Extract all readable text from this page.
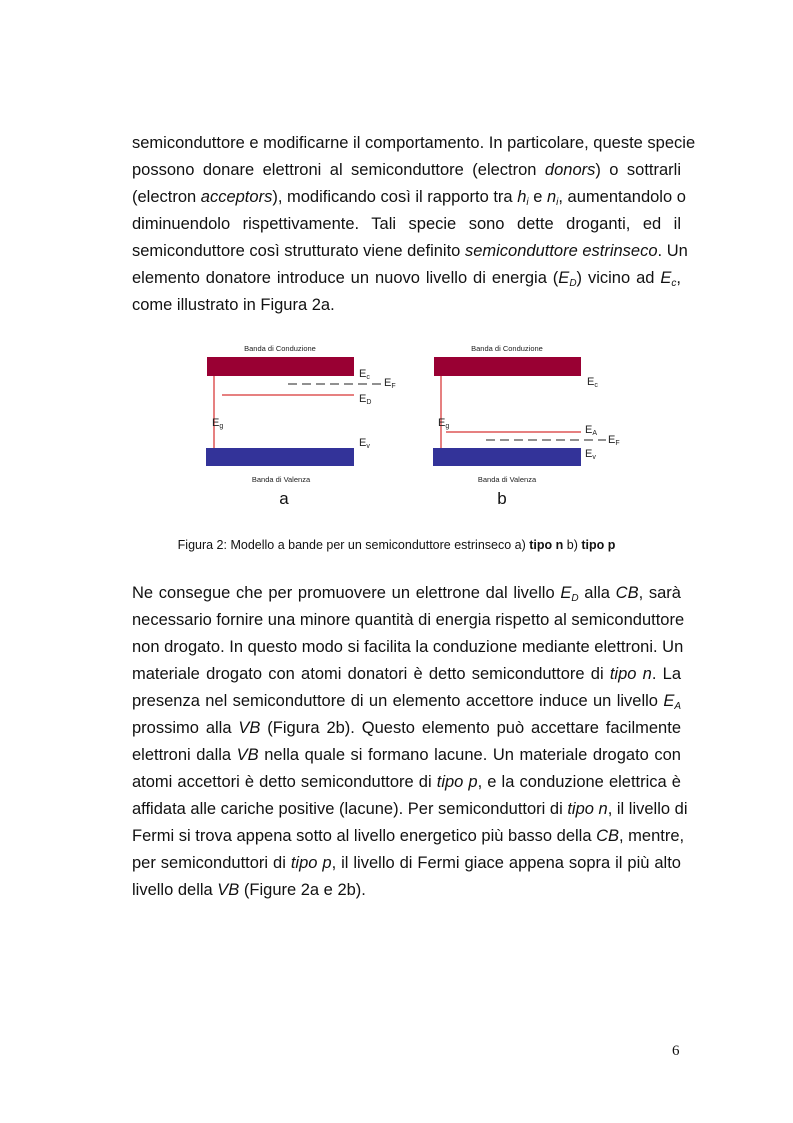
semiconduttore e modificarne il comportamento. In particolare, queste specie
possono donare elettroni al semiconduttore (electron donors) o sottrarli
(electron acceptors), modificando così il rapporto tra $h_i$ e $n_i$, aumentandolo o
diminuendolo rispettivamente. Tali specie sono dette droganti, ed il
semiconduttore così strutturato viene definito semiconduttore estrinseco. Un
elemento donatore introduce un nuovo livello di energia $(E_D)$ vicino ad $E_c$,
come illustrato in Figura 2a.
Banda di Conduzione
Ec EF
ED
Eg
Ev
Banda di Valenza
a
Banda di Conduzione
Ec
Eg	EA
EF
Ev
Banda di Valenza
b
Figura 2: Modello a bande per un semiconduttore estrinseco a) tipo n b) tipo p
Ne consegue che per promuovere un elettrone dal livello $E_D$ alla CB, sarà
necessario fornire una minore quantità di energia rispetto al semiconduttore
non drogato. In questo modo si facilita la conduzione mediante elettroni. Un
materiale drogato con atomi donatori è detto semiconduttore di tipo n. La
presenza nel semiconduttore di un elemento accettore induce un livello $E_A$
prossimo alla VB (Figura 2b). Questo elemento può accettare facilmente
elettroni dalla VB nella quale si formano lacune. Un materiale drogato con
atomi accettori è detto semiconduttore di tipo p, e la conduzione elettrica è
affidata alle cariche positive (lacune). Per semiconduttori di tipo n, il livello di
Fermi si trova appena sotto al livello energetico più basso della CB, mentre,
per semiconduttori di tipo p, il livello di Fermi giace appena sopra il più alto
livello della VB (Figure 2a e 2b).
6
